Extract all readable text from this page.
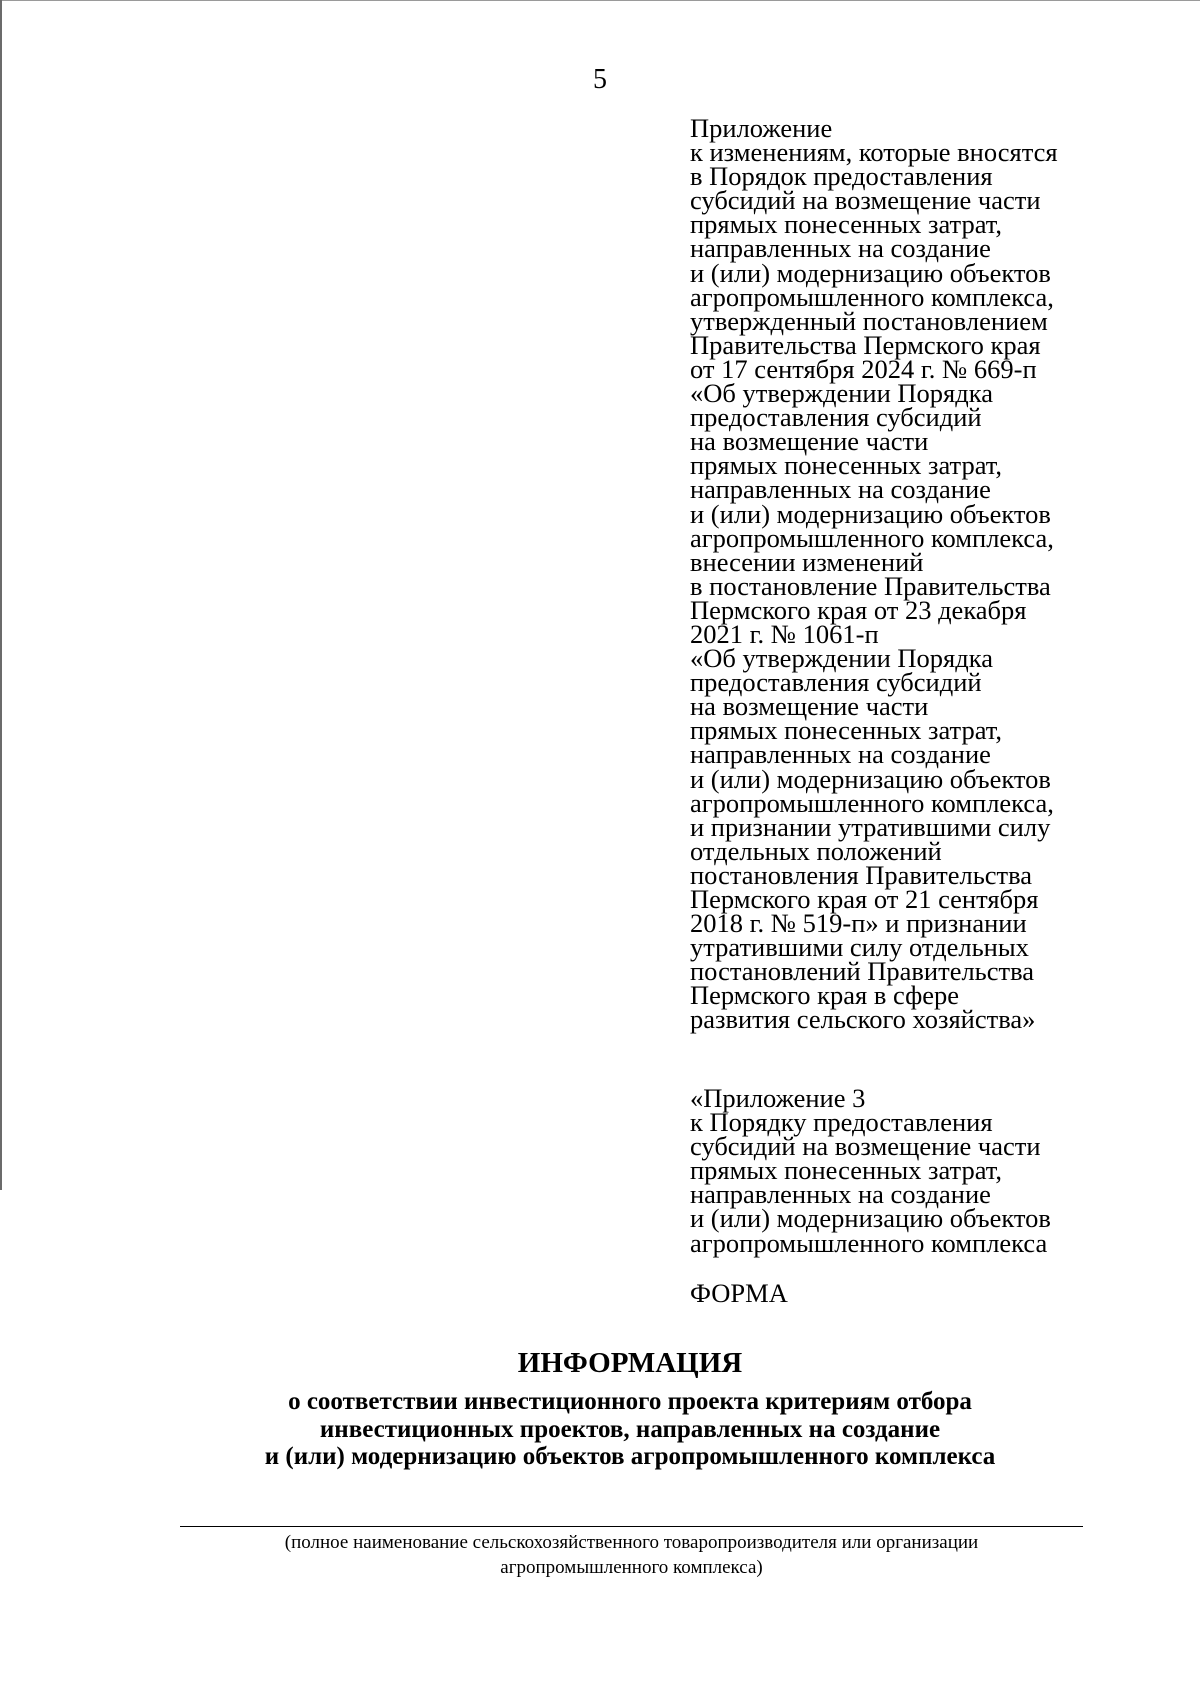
5
Приложение
к изменениям, которые вносятся
в Порядок предоставления
субсидий на возмещение части
прямых понесенных затрат,
направленных на создание
и (или) модернизацию объектов
агропромышленного комплекса,
утвержденный постановлением
Правительства Пермского края
от 17 сентября 2024 г. № 669-п
«Об утверждении Порядка
предоставления субсидий
на возмещение части
прямых понесенных затрат,
направленных на создание
и (или) модернизацию объектов
агропромышленного комплекса,
внесении изменений
в постановление Правительства
Пермского края от 23 декабря
2021 г. № 1061-п
«Об утверждении Порядка
предоставления субсидий
на возмещение части
прямых понесенных затрат,
направленных на создание
и (или) модернизацию объектов
агропромышленного комплекса,
и признании утратившими силу
отдельных положений
постановления Правительства
Пермского края от 21 сентября
2018 г. № 519-п» и признании
утратившими силу отдельных
постановлений Правительства
Пермского края в сфере
развития сельского хозяйства»
«Приложение 3
к Порядку предоставления
субсидий на возмещение части
прямых понесенных затрат,
направленных на создание
и (или) модернизацию объектов
агропромышленного комплекса
ФОРМА
ИНФОРМАЦИЯ
о соответствии инвестиционного проекта критериям отбора
инвестиционных проектов, направленных на создание
и (или) модернизацию объектов агропромышленного комплекса
(полное наименование сельскохозяйственного товаропроизводителя или организации
агропромышленного комплекса)
